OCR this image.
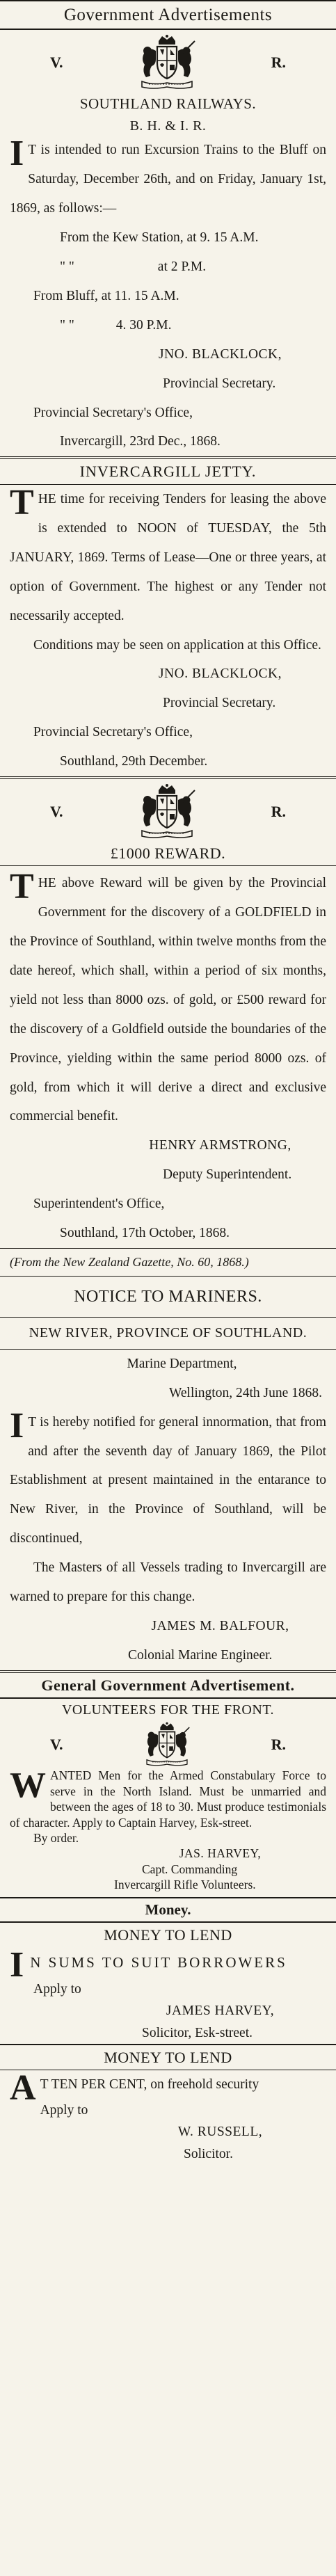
Government Advertisements
V.	R.
SOUTHLAND RAILWAYS.
B. H. & I. R.

IT is intended to run Excursion Trains to the Bluff on Saturday, December 26th, and on Friday, January 1st, 1869, as follows:—

From the Kew Station, at 9. 15 A.M.

" "	at 2 P.M.

From Bluff, at 11. 15 A.M.

" "	4. 30 P.M.

JNO. BLACKLOCK,

Provincial Secretary.

Provincial Secretary's Office,

Invercargill, 23rd Dec., 1868.

INVERCARGILL JETTY.

THE time for receiving Tenders for leasing the above is extended to NOON of TUESDAY, the 5th JANUARY, 1869. Terms of Lease—One or three years, at option of Government. The highest or any Tender not necessarily accepted.

Conditions may be seen on application at this Office.

JNO. BLACKLOCK,

Provincial Secretary.

Provincial Secretary's Office,

Southland, 29th December.

V.	R.
£1000 REWARD.

THE above Reward will be given by the Provincial Government for the discovery of a GOLDFIELD in the Province of Southland, within twelve months from the date hereof, which shall, within a period of six months, yield not less than 8000 ozs. of gold, or £500 reward for the discovery of a Goldfield outside the boundaries of the Province, yielding within the same period 8000 ozs. of gold, from which it will derive a direct and exclusive commercial benefit.

HENRY ARMSTRONG,

Deputy Superintendent.

Superintendent's Office,

Southland, 17th October, 1868.

(From the New Zealand Gazette, No. 60, 1868.)

NOTICE TO MARINERS.
NEW RIVER, PROVINCE OF SOUTHLAND.

Marine Department,

Wellington, 24th June 1868.

IT is hereby notified for general innormation, that from and after the seventh day of January 1869, the Pilot Establishment at present maintained in the entarance to New River, in the Province of Southland, will be discontinued,

The Masters of all Vessels trading to Invercargill are warned to prepare for this change.

JAMES M. BALFOUR,

Colonial Marine Engineer.

General Government Advertisement.
VOLUNTEERS FOR THE FRONT.
V.	R.

WANTED Men for the Armed Constabulary Force to serve in the North Island. Must be unmarried and between the ages of 18 to 30. Must produce testimonials of character. Apply to Captain Harvey, Esk-street.

By order.

JAS. HARVEY,

Capt. Commanding

Invercargill Rifle Volunteers.

Money.
MONEY TO LEND

IN SUMS TO SUIT BORROWERS

Apply to

JAMES HARVEY,

Solicitor, Esk-street.

MONEY TO LEND

AT TEN PER CENT, on freehold security

Apply to

W. RUSSELL,

Solicitor.
